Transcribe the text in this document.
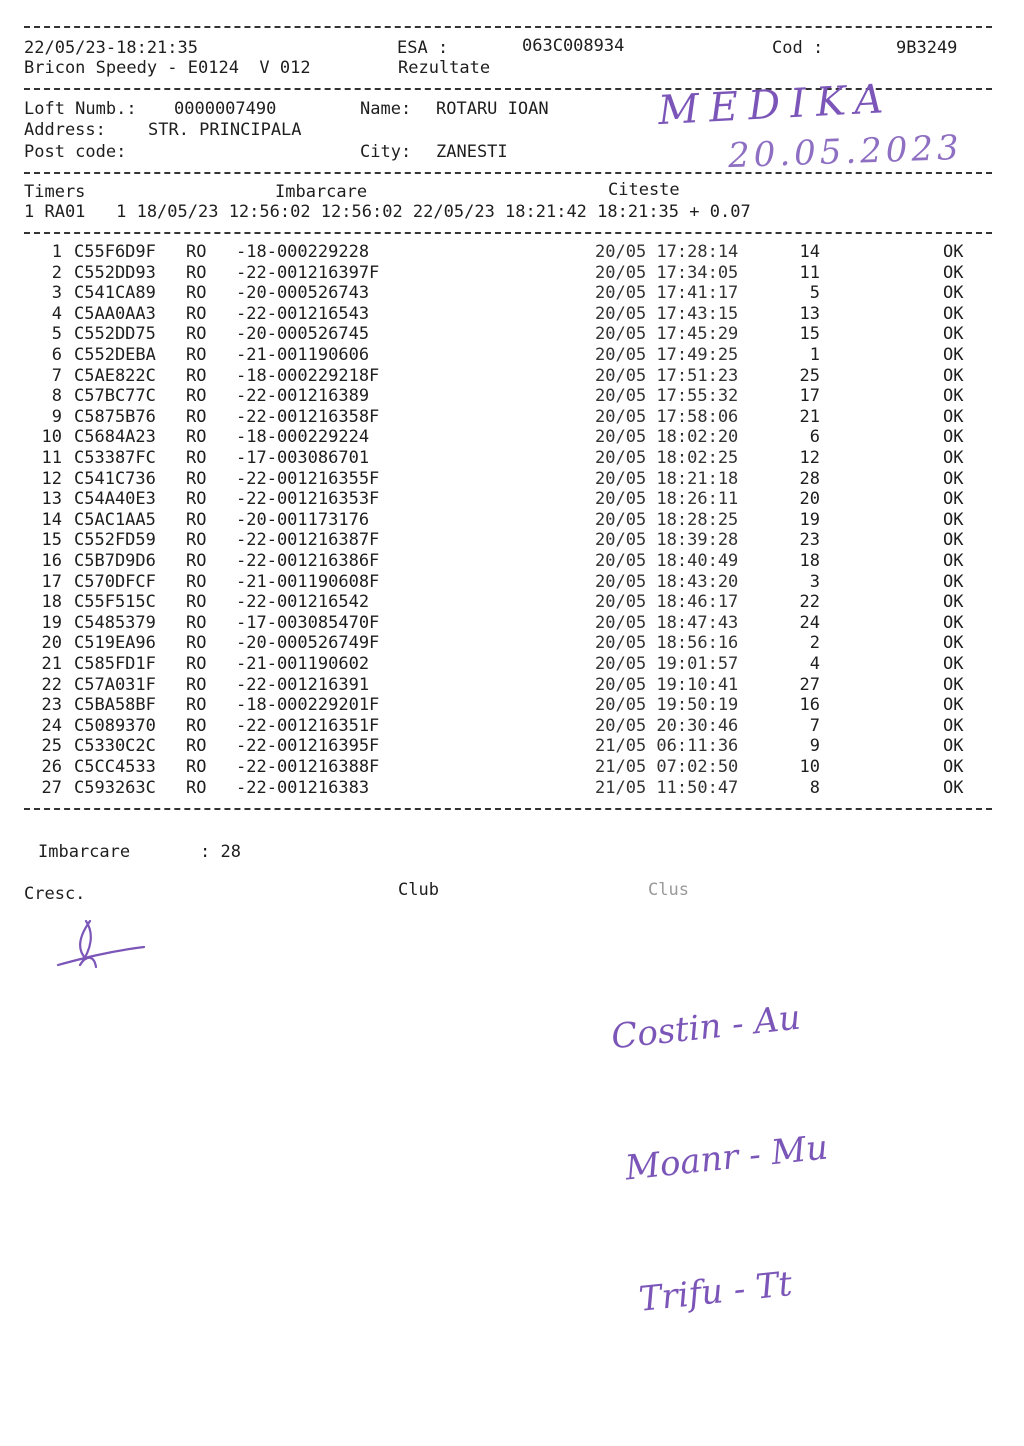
22/05/23-18:21:35	ESA :	063C008934	Cod :	9B3249
Bricon Speedy - E0124  V 012	Rezultate
Loft Numb.: 0000007490	Name: ROTARU IOAN
Address: STR. PRINCIPALA
Post code:	City: ZANESTI
MEDIKA
20.05.2023
Timers	Imbarcare	Citeste
1 RA01   1 18/05/23 12:56:02 12:56:02 22/05/23 18:21:42 18:21:35 + 0.07
1 C55F6D9F RO -18-000229228	20/05 17:28:14	14	OK
2 C552DD93 RO -22-001216397F	20/05 17:34:05	11	OK
3 C541CA89 RO -20-000526743	20/05 17:41:17	5	OK
4 C5AA0AA3 RO -22-001216543	20/05 17:43:15	13	OK
5 C552DD75 RO -20-000526745	20/05 17:45:29	15	OK
6 C552DEBA RO -21-001190606	20/05 17:49:25	1	OK
7 C5AE822C RO -18-000229218F	20/05 17:51:23	25	OK
8 C57BC77C RO -22-001216389	20/05 17:55:32	17	OK
9 C5875B76 RO -22-001216358F	20/05 17:58:06	21	OK
10 C5684A23 RO -18-000229224	20/05 18:02:20	6	OK
11 C53387FC RO -17-003086701	20/05 18:02:25	12	OK
12 C541C736 RO -22-001216355F	20/05 18:21:18	28	OK
13 C54A40E3 RO -22-001216353F	20/05 18:26:11	20	OK
14 C5AC1AA5 RO -20-001173176	20/05 18:28:25	19	OK
15 C552FD59 RO -22-001216387F	20/05 18:39:28	23	OK
16 C5B7D9D6 RO -22-001216386F	20/05 18:40:49	18	OK
17 C570DFCF RO -21-001190608F	20/05 18:43:20	3	OK
18 C55F515C RO -22-001216542	20/05 18:46:17	22	OK
19 C5485379 RO -17-003085470F	20/05 18:47:43	24	OK
20 C519EA96 RO -20-000526749F	20/05 18:56:16	2	OK
21 C585FD1F RO -21-001190602	20/05 19:01:57	4	OK
22 C57A031F RO -22-001216391	20/05 19:10:41	27	OK
23 C5BA58BF RO -18-000229201F	20/05 19:50:19	16	OK
24 C5089370 RO -22-001216351F	20/05 20:30:46	7	OK
25 C5330C2C RO -22-001216395F	21/05 06:11:36	9	OK
26 C5CC4533 RO -22-001216388F	21/05 07:02:50	10	OK
27 C593263C RO -22-001216383	21/05 11:50:47	8	OK
Imbarcare	: 28
Cresc.	Club	Clus

Costin - Au

Moanr - Mu

Trifu - Tt
